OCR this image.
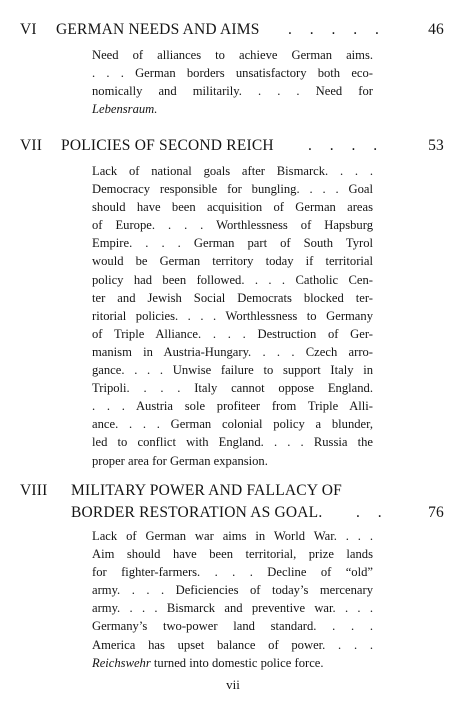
VI GERMAN NEEDS AND AIMS . . . . .	46
Need of alliances to achieve German aims.
. . . German borders unsatisfactory both eco-
nomically and militarily. . . . Need for
Lebensraum.
VII POLICIES OF SECOND REICH . . . .	53
Lack of national goals after Bismarck. . . .
Democracy responsible for bungling. . . . Goal
should have been acquisition of German areas
of Europe. . . . Worthlessness of Hapsburg
Empire. . . . German part of South Tyrol
would be German territory today if territorial
policy had been followed. . . . Catholic Cen-
ter and Jewish Social Democrats blocked ter-
ritorial policies. . . . Worthlessness to Germany
of Triple Alliance. . . . Destruction of Ger-
manism in Austria-Hungary. . . . Czech arro-
gance. . . . Unwise failure to support Italy in
Tripoli. . . . Italy cannot oppose England.
. . . Austria sole profiteer from Triple Alli-
ance. . . . German colonial policy a blunder,
led to conflict with England. . . . Russia the
proper area for German expansion.
VIII MILITARY POWER AND FALLACY OF
BORDER RESTORATION AS GOAL. . .	76
Lack of German war aims in World War. . . .
Aim should have been territorial, prize lands
for fighter-farmers. . . . Decline of “old”
army. . . . Deficiencies of today’s mercenary
army. . . . Bismarck and preventive war. . . .
Germany’s two-power land standard. . . .
America has upset balance of power. . . .
Reichswehr turned into domestic police force.
vii
